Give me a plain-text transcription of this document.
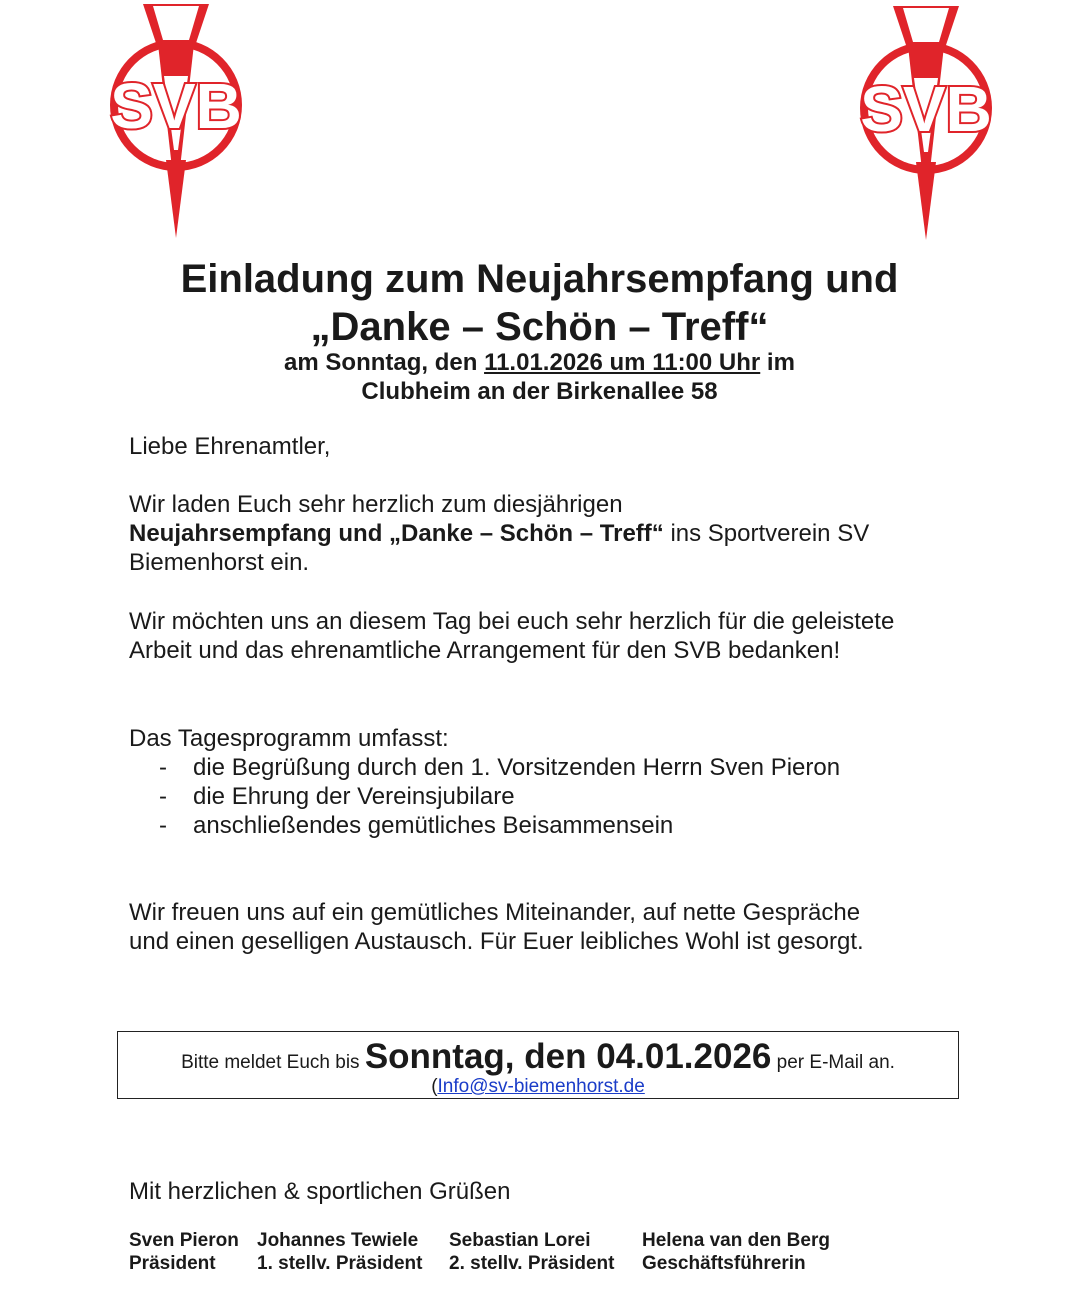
SVB	SVB
Einladung zum Neujahrsempfang und
„Danke – Schön – Treff“
am Sonntag, den 11.01.2026 um 11:00 Uhr im
Clubheim an der Birkenallee 58

Liebe Ehrenamtler,

Wir laden Euch sehr herzlich zum diesjährigen
Neujahrsempfang und „Danke – Schön – Treff“ ins Sportverein SV
Biemenhorst ein.

Wir möchten uns an diesem Tag bei euch sehr herzlich für die geleistete
Arbeit und das ehrenamtliche Arrangement für den SVB bedanken!

Das Tagesprogramm umfasst:

- die Begrüßung durch den 1. Vorsitzenden Herrn Sven Pieron
- die Ehrung der Vereinsjubilare
- anschließendes gemütliches Beisammensein

Wir freuen uns auf ein gemütliches Miteinander, auf nette Gespräche
und einen geselligen Austausch. Für Euer leibliches Wohl ist gesorgt.

Bitte meldet Euch bis Sonntag, den 04.01.2026 per E-Mail an.
(Info@sv-biemenhorst.de

Mit herzlichen & sportlichen Grüßen

Sven Pieron
Präsident
Johannes Tewiele
1. stellv. Präsident
Sebastian Lorei
2. stellv. Präsident
Helena van den Berg
Geschäftsführerin
